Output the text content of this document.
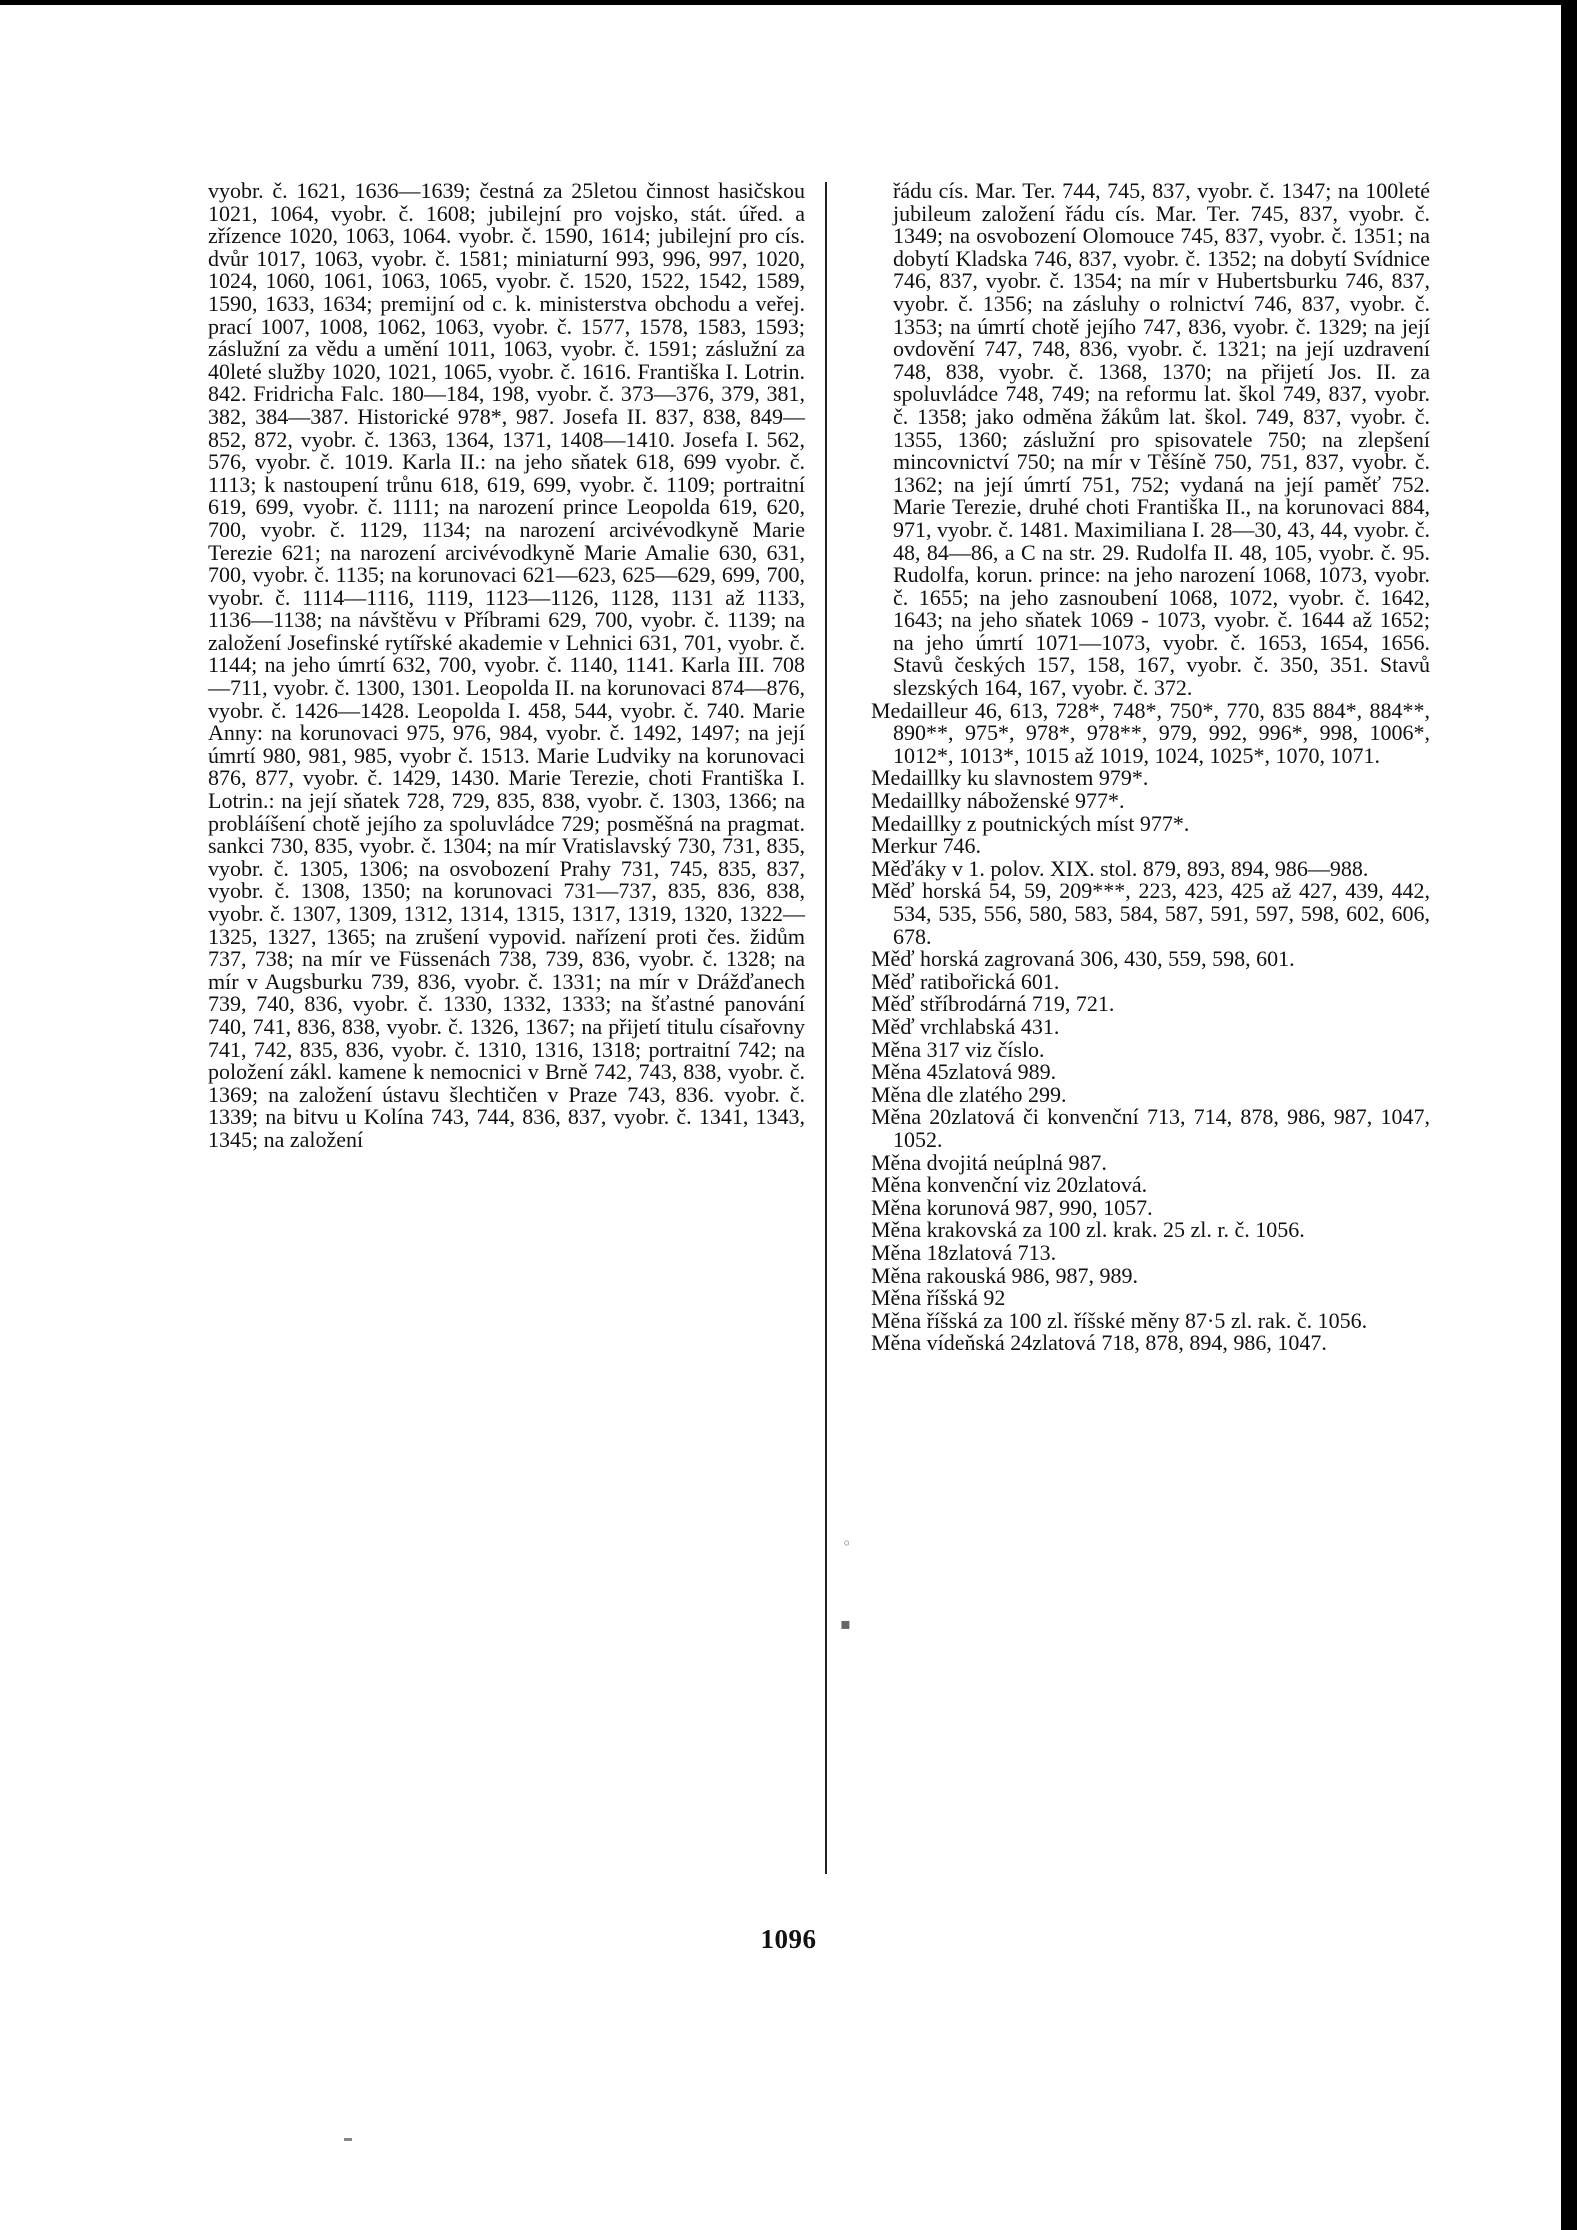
vyobr. č. 1621, 1636—1639; čestná za 25letou činnost hasičskou 1021, 1064, vyobr. č. 1608; jubilejní pro vojsko, stát. úřed. a zřízence 1020, 1063, 1064. vyobr. č. 1590, 1614; jubilejní pro cís. dvůr 1017, 1063, vyobr. č. 1581; miniaturní 993, 996, 997, 1020, 1024, 1060, 1061, 1063, 1065, vyobr. č. 1520, 1522, 1542, 1589, 1590, 1633, 1634; premijní od c. k. ministerstva obchodu a veřej. prací 1007, 1008, 1062, 1063, vyobr. č. 1577, 1578, 1583, 1593; záslužní za vědu a umění 1011, 1063, vyobr. č. 1591; záslužní za 40leté služby 1020, 1021, 1065, vyobr. č. 1616. Františka I. Lotrin. 842. Fridricha Falc. 180—184, 198, vyobr. č. 373—376, 379, 381, 382, 384—387. Historické 978*, 987. Josefa II. 837, 838, 849—852, 872, vyobr. č. 1363, 1364, 1371, 1408—1410. Josefa I. 562, 576, vyobr. č. 1019. Karla II.: na jeho sňatek 618, 699 vyobr. č. 1113; k nastoupení trůnu 618, 619, 699, vyobr. č. 1109; portraitní 619, 699, vyobr. č. 1111; na narození prince Leopolda 619, 620, 700, vyobr. č. 1129, 1134; na narození arcivévodkyně Marie Terezie 621; na narození arcivévodkyně Marie Amalie 630, 631, 700, vyobr. č. 1135; na korunovaci 621—623, 625—629, 699, 700, vyobr. č. 1114—1116, 1119, 1123—1126, 1128, 1131 až 1133, 1136—1138; na návštěvu v Příbrami 629, 700, vyobr. č. 1139; na založení Josefinské rytířské akademie v Lehnici 631, 701, vyobr. č. 1144; na jeho úmrtí 632, 700, vyobr. č. 1140, 1141. Karla III. 708—711, vyobr. č. 1300, 1301. Leopolda II. na korunovaci 874—876, vyobr. č. 1426—1428. Leopolda I. 458, 544, vyobr. č. 740. Marie Anny: na korunovaci 975, 976, 984, vyobr. č. 1492, 1497; na její úmrtí 980, 981, 985, vyobr č. 1513. Marie Ludviky na korunovaci 876, 877, vyobr. č. 1429, 1430. Marie Terezie, choti Františka I. Lotrin.: na její sňatek 728, 729, 835, 838, vyobr. č. 1303, 1366; na probláíšení chotě jejího za spoluvládce 729; posměšná na pragmat. sankci 730, 835, vyobr. č. 1304; na mír Vratislavský 730, 731, 835, vyobr. č. 1305, 1306; na osvobození Prahy 731, 745, 835, 837, vyobr. č. 1308, 1350; na korunovaci 731—737, 835, 836, 838, vyobr. č. 1307, 1309, 1312, 1314, 1315, 1317, 1319, 1320, 1322—1325, 1327, 1365; na zrušení vypovid. nařízení proti čes. židům 737, 738; na mír ve Füssenách 738, 739, 836, vyobr. č. 1328; na mír v Augsburku 739, 836, vyobr. č. 1331; na mír v Drážďanech 739, 740, 836, vyobr. č. 1330, 1332, 1333; na šťastné panování 740, 741, 836, 838, vyobr. č. 1326, 1367; na přijetí titulu císařovny 741, 742, 835, 836, vyobr. č. 1310, 1316, 1318; portraitní 742; na položení zákl. kamene k nemocnici v Brně 742, 743, 838, vyobr. č. 1369; na založení ústavu šlechtičen v Praze 743, 836. vyobr. č. 1339; na bitvu u Kolína 743, 744, 836, 837, vyobr. č. 1341, 1343, 1345; na založení

řádu cís. Mar. Ter. 744, 745, 837, vyobr. č. 1347; na 100leté jubileum založení řádu cís. Mar. Ter. 745, 837, vyobr. č. 1349; na osvobození Olomouce 745, 837, vyobr. č. 1351; na dobytí Kladska 746, 837, vyobr. č. 1352; na dobytí Svídnice 746, 837, vyobr. č. 1354; na mír v Hubertsburku 746, 837, vyobr. č. 1356; na zásluhy o rolnictví 746, 837, vyobr. č. 1353; na úmrtí chotě jejího 747, 836, vyobr. č. 1329; na její ovdovění 747, 748, 836, vyobr. č. 1321; na její uzdravení 748, 838, vyobr. č. 1368, 1370; na přijetí Jos. II. za spoluvládce 748, 749; na reformu lat. škol 749, 837, vyobr. č. 1358; jako odměna žákům lat. škol. 749, 837, vyobr. č. 1355, 1360; záslužní pro spisovatele 750; na zlepšení mincovnictví 750; na mír v Těšíně 750, 751, 837, vyobr. č. 1362; na její úmrtí 751, 752; vydaná na její paměť 752. Marie Terezie, druhé choti Františka II., na korunovaci 884, 971, vyobr. č. 1481. Maximiliana I. 28—30, 43, 44, vyobr. č. 48, 84—86, a C na str. 29. Rudolfa II. 48, 105, vyobr. č. 95. Rudolfa, korun. prince: na jeho narození 1068, 1073, vyobr. č. 1655; na jeho zasnoubení 1068, 1072, vyobr. č. 1642, 1643; na jeho sňatek 1069 - 1073, vyobr. č. 1644 až 1652; na jeho úmrtí 1071—1073, vyobr. č. 1653, 1654, 1656. Stavů českých 157, 158, 167, vyobr. č. 350, 351. Stavů slezských 164, 167, vyobr. č. 372.

Medailleur 46, 613, 728*, 748*, 750*, 770, 835 884*, 884**, 890**, 975*, 978*, 978**, 979, 992, 996*, 998, 1006*, 1012*, 1013*, 1015 až 1019, 1024, 1025*, 1070, 1071.

Medaillky ku slavnostem 979*.

Medaillky náboženské 977*.

Medaillky z poutnických míst 977*.

Merkur 746.

Měďáky v 1. polov. XIX. stol. 879, 893, 894, 986—988.

Měď horská 54, 59, 209***, 223, 423, 425 až 427, 439, 442, 534, 535, 556, 580, 583, 584, 587, 591, 597, 598, 602, 606, 678.

Měď horská zagrovaná 306, 430, 559, 598, 601.

Měď ratibořická 601.

Měď stříbrodárná 719, 721.

Měď vrchlabská 431.

Měna 317 viz číslo.

Měna 45zlatová 989.

Měna dle zlatého 299.

Měna 20zlatová či konvenční 713, 714, 878, 986, 987, 1047, 1052.

Měna dvojitá neúplná 987.

Měna konvenční viz 20zlatová.

Měna korunová 987, 990, 1057.

Měna krakovská za 100 zl. krak. 25 zl. r. č. 1056.

Měna 18zlatová 713.

Měna rakouská 986, 987, 989.

Měna říšská 92

Měna říšská za 100 zl. říšské měny 87·5 zl. rak. č. 1056.

Měna vídeňská 24zlatová 718, 878, 894, 986, 1047.

◦
▪
1096
